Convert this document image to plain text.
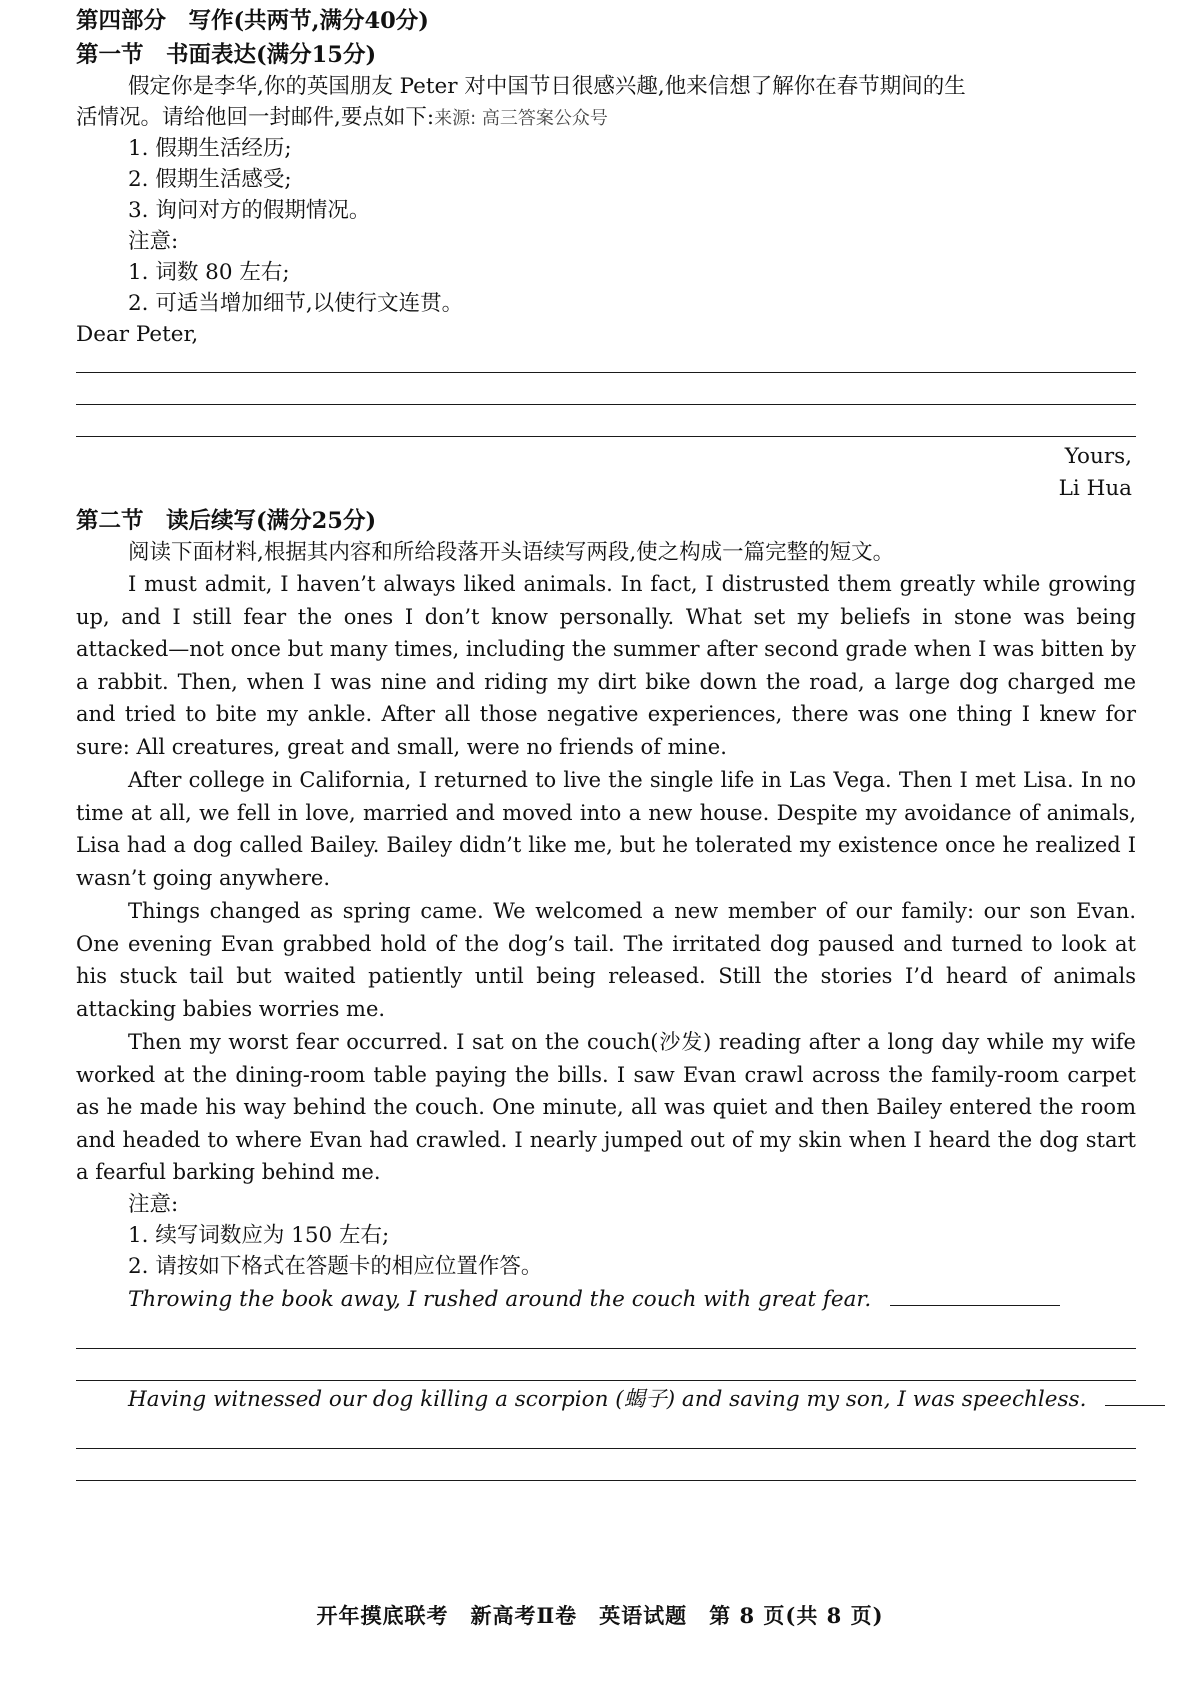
第四部分　写作(共两节,满分40分)
第一节　书面表达(满分15分)
假定你是李华,你的英国朋友 Peter 对中国节日很感兴趣,他来信想了解你在春节期间的生
活情况。请给他回一封邮件,要点如下:来源: 高三答案公众号
1. 假期生活经历;
2. 假期生活感受;
3. 询问对方的假期情况。
注意:
1. 词数 80 左右;
2. 可适当增加细节,以使行文连贯。
Dear Peter,
Yours,
Li Hua
第二节　读后续写(满分25分)
阅读下面材料,根据其内容和所给段落开头语续写两段,使之构成一篇完整的短文。

I must admit, I haven’t always liked animals. In fact, I distrusted them greatly while growing up, and I still fear the ones I don’t know personally. What set my beliefs in stone was being attacked—not once but many times, including the summer after second grade when I was bitten by a rabbit. Then, when I was nine and riding my dirt bike down the road, a large dog charged me and tried to bite my ankle. After all those negative experiences, there was one thing I knew for sure: All creatures, great and small, were no friends of mine.

After college in California, I returned to live the single life in Las Vega. Then I met Lisa. In no time at all, we fell in love, married and moved into a new house. Despite my avoidance of animals, Lisa had a dog called Bailey. Bailey didn’t like me, but he tolerated my existence once he realized I wasn’t going anywhere.

Things changed as spring came. We welcomed a new member of our family: our son Evan. One evening Evan grabbed hold of the dog’s tail. The irritated dog paused and turned to look at his stuck tail but waited patiently until being released. Still the stories I’d heard of animals attacking babies worries me.

Then my worst fear occurred. I sat on the couch(沙发) reading after a long day while my wife worked at the dining-room table paying the bills. I saw Evan crawl across the family-room carpet as he made his way behind the couch. One minute, all was quiet and then Bailey entered the room and headed to where Evan had crawled. I nearly jumped out of my skin when I heard the dog start a fearful barking behind me.

注意:
1. 续写词数应为 150 左右;
2. 请按如下格式在答题卡的相应位置作答。
Throwing the book away, I rushed around the couch with great fear.
Having witnessed our dog killing a scorpion (蝎子) and saving my son, I was speechless.
开年摸底联考　新高考Ⅱ卷　英语试题　第 8 页(共 8 页)
